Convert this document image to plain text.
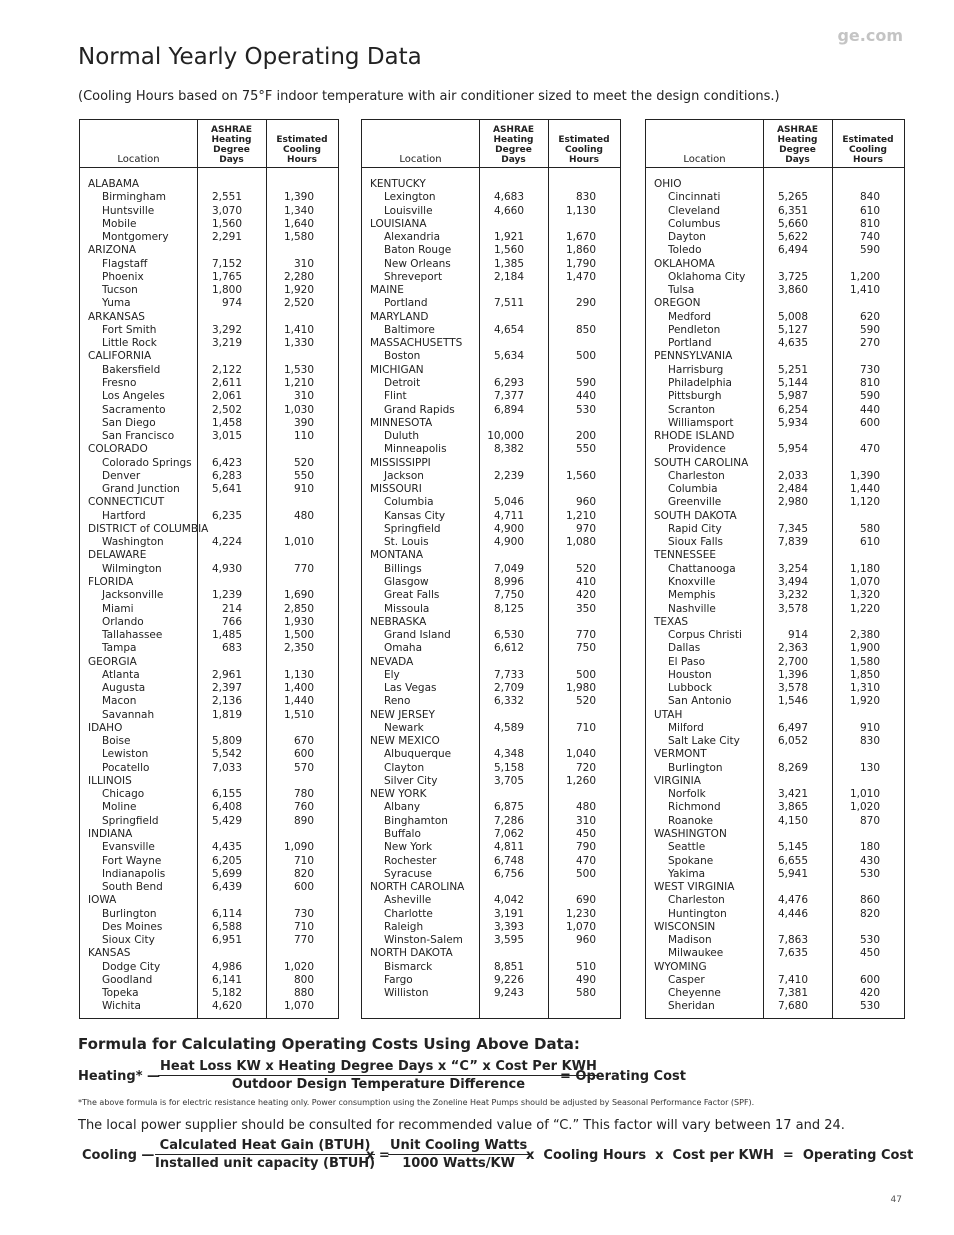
ge.com
Normal Yearly Operating Data
(Cooling Hours based on 75°F indoor temperature with air conditioner sized to meet the design conditions.)
Location
ASHRAE
Heating
Degree
Days
Estimated
Cooling
Hours
ALABAMA
Birmingham	2,551	1,390
Huntsville	3,070	1,340
Mobile	1,560	1,640
Montgomery	2,291	1,580
ARIZONA
Flagstaff	7,152	310
Phoenix	1,765	2,280
Tucson	1,800	1,920
Yuma	974	2,520
ARKANSAS
Fort Smith	3,292	1,410
Little Rock	3,219	1,330
CALIFORNIA
Bakersfield	2,122	1,530
Fresno	2,611	1,210
Los Angeles	2,061	310
Sacramento	2,502	1,030
San Diego	1,458	390
San Francisco	3,015	110
COLORADO
Colorado Springs 6,423	520
Denver	6,283	550
Grand Junction	5,641	910
CONNECTICUT
Hartford	6,235	480
DISTRICT of COLUMBIA
Washington	4,224	1,010
DELAWARE
Wilmington	4,930	770
FLORIDA
Jacksonville	1,239	1,690
Miami	214	2,850
Orlando	766	1,930
Tallahassee	1,485	1,500
Tampa	683	2,350
GEORGIA
Atlanta	2,961	1,130
Augusta	2,397	1,400
Macon	2,136	1,440
Savannah	1,819	1,510
IDAHO
Boise	5,809	670
Lewiston	5,542	600
Pocatello	7,033	570
ILLINOIS
Chicago	6,155	780
Moline	6,408	760
Springfield	5,429	890
INDIANA
Evansville	4,435	1,090
Fort Wayne	6,205	710
Indianapolis	5,699	820
South Bend	6,439	600
IOWA
Burlington	6,114	730
Des Moines	6,588	710
Sioux City	6,951	770
KANSAS
Dodge City	4,986	1,020
Goodland	6,141	800
Topeka	5,182	880
Wichita	4,620	1,070
Location
ASHRAE
Heating
Degree
Days
Estimated
Cooling
Hours
KENTUCKY
Lexington	4,683	830
Louisville	4,660	1,130
LOUISIANA
Alexandria	1,921	1,670
Baton Rouge	1,560	1,860
New Orleans	1,385	1,790
Shreveport	2,184	1,470
MAINE
Portland	7,511	290
MARYLAND
Baltimore	4,654	850
MASSACHUSETTS
Boston	5,634	500
MICHIGAN
Detroit	6,293	590
Flint	7,377	440
Grand Rapids	6,894	530
MINNESOTA
Duluth	10,000	200
Minneapolis	8,382	550
MISSISSIPPI
Jackson	2,239	1,560
MISSOURI
Columbia	5,046	960
Kansas City	4,711	1,210
Springfield	4,900	970
St. Louis	4,900	1,080
MONTANA
Billings	7,049	520
Glasgow	8,996	410
Great Falls	7,750	420
Missoula	8,125	350
NEBRASKA
Grand Island	6,530	770
Omaha	6,612	750
NEVADA
Ely	7,733	500
Las Vegas	2,709	1,980
Reno	6,332	520
NEW JERSEY
Newark	4,589	710
NEW MEXICO
Albuquerque	4,348	1,040
Clayton	5,158	720
Silver City	3,705	1,260
NEW YORK
Albany	6,875	480
Binghamton	7,286	310
Buffalo	7,062	450
New York	4,811	790
Rochester	6,748	470
Syracuse	6,756	500
NORTH CAROLINA
Asheville	4,042	690
Charlotte	3,191	1,230
Raleigh	3,393	1,070
Winston-Salem	3,595	960
NORTH DAKOTA
Bismarck	8,851	510
Fargo	9,226	490
Williston	9,243	580
Location
ASHRAE
Heating
Degree
Days
Estimated
Cooling
Hours
OHIO
Cincinnati	5,265	840
Cleveland	6,351	610
Columbus	5,660	810
Dayton	5,622	740
Toledo	6,494	590
OKLAHOMA
Oklahoma City	3,725	1,200
Tulsa	3,860	1,410
OREGON
Medford	5,008	620
Pendleton	5,127	590
Portland	4,635	270
PENNSYLVANIA
Harrisburg	5,251	730
Philadelphia	5,144	810
Pittsburgh	5,987	590
Scranton	6,254	440
Williamsport	5,934	600
RHODE ISLAND
Providence	5,954	470
SOUTH CAROLINA
Charleston	2,033	1,390
Columbia	2,484	1,440
Greenville	2,980	1,120
SOUTH DAKOTA
Rapid City	7,345	580
Sioux Falls	7,839	610
TENNESSEE
Chattanooga	3,254	1,180
Knoxville	3,494	1,070
Memphis	3,232	1,320
Nashville	3,578	1,220
TEXAS
Corpus Christi	914	2,380
Dallas	2,363	1,900
El Paso	2,700	1,580
Houston	1,396	1,850
Lubbock	3,578	1,310
San Antonio	1,546	1,920
UTAH
Milford	6,497	910
Salt Lake City	6,052	830
VERMONT
Burlington	8,269	130
VIRGINIA
Norfolk	3,421	1,010
Richmond	3,865	1,020
Roanoke	4,150	870
WASHINGTON
Seattle	5,145	180
Spokane	6,655	430
Yakima	5,941	530
WEST VIRGINIA
Charleston	4,476	860
Huntington	4,446	820
WISCONSIN
Madison	7,863	530
Milwaukee	7,635	450
WYOMING
Casper	7,410	600
Cheyenne	7,381	420
Sheridan	7,680	530
Formula for Calculating Operating Costs Using Above Data:
Heating* —
Heat Loss KW x Heating Degree Days x “C” x Cost Per KWH
Outdoor Design Temperature Difference
= Operating Cost
*The above formula is for electric resistance heating only. Power consumption using the Zoneline Heat Pumps should be adjusted by Seasonal Performance Factor (SPF).
The local power supplier should be consulted for recommended value of “C.” This factor will vary between 17 and 24.
Cooling —
Calculated Heat Gain (BTUH)
Installed unit capacity (BTUH)
x =
Unit Cooling Watts
1000 Watts/KW
x  Cooling Hours  x  Cost per KWH  =  Operating Cost
47
